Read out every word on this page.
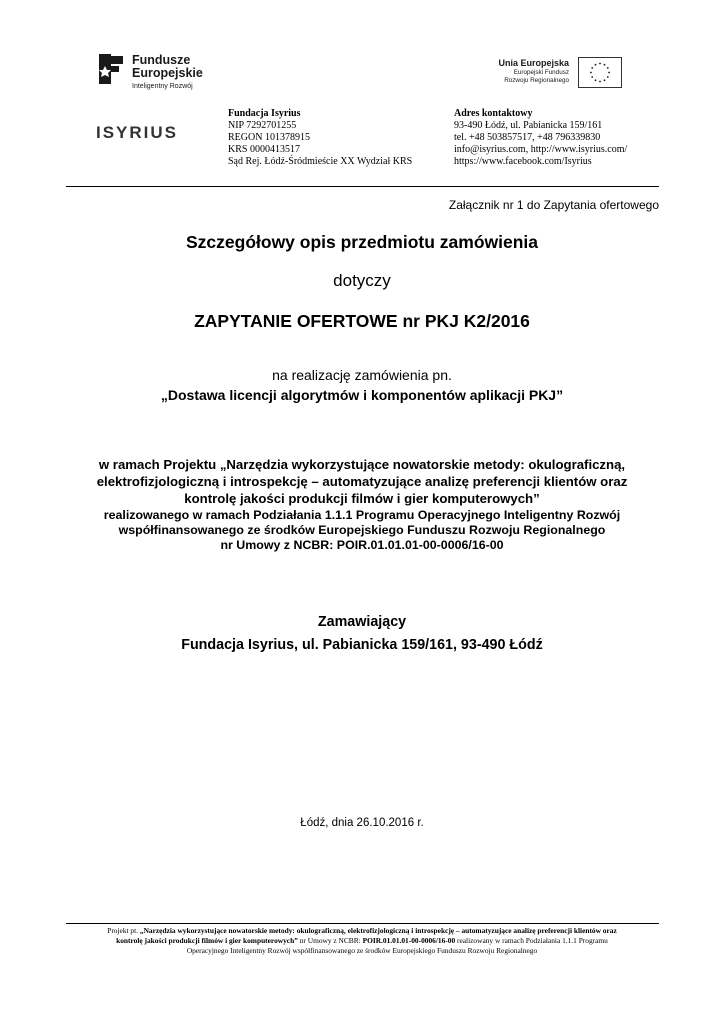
Fundusze
Europejskie
Inteligentny Rozwój
Unia Europejska
Europejski Fundusz
Rozwoju Regionalnego
ISYRIUS
Fundacja Isyrius
NIP 7292701255
REGON 101378915
KRS 0000413517
Sąd Rej. Łódź-Śródmieście XX Wydział KRS
Adres kontaktowy
93-490 Łódź, ul. Pabianicka 159/161
tel. +48 503857517, +48 796339830
info@isyrius.com, http://www.isyrius.com/
https://www.facebook.com/Isyrius
Załącznik nr 1 do Zapytania ofertowego
Szczegółowy opis przedmiotu zamówienia
dotyczy
ZAPYTANIE OFERTOWE nr PKJ K2/2016
na realizację zamówienia pn.
„Dostawa licencji algorytmów i komponentów aplikacji PKJ”
w ramach Projektu „Narzędzia wykorzystujące nowatorskie metody: okulograficzną,
elektrofizjologiczną i introspekcję – automatyzujące analizę preferencji klientów oraz
kontrolę jakości produkcji filmów i gier komputerowych”
realizowanego w ramach Podziałania 1.1.1 Programu Operacyjnego Inteligentny Rozwój
współfinansowanego ze środków Europejskiego Funduszu Rozwoju Regionalnego
nr Umowy z NCBR: POIR.01.01.01-00-0006/16-00
Zamawiający
Fundacja Isyrius, ul. Pabianicka 159/161, 93-490 Łódź
Łódź, dnia 26.10.2016 r.
Projekt pt. „Narzędzia wykorzystujące nowatorskie metody: okulograficzną, elektrofizjologiczną i introspekcję – automatyzujące analizę preferencji klientów oraz
kontrolę jakości produkcji filmów i gier komputerowych” nr Umowy z NCBR: POIR.01.01.01-00-0006/16-00 realizowany w ramach Podziałania 1.1.1 Programu
Operacyjnego Inteligentny Rozwój współfinansowanego ze środków Europejskiego Funduszu Rozwoju Regionalnego
